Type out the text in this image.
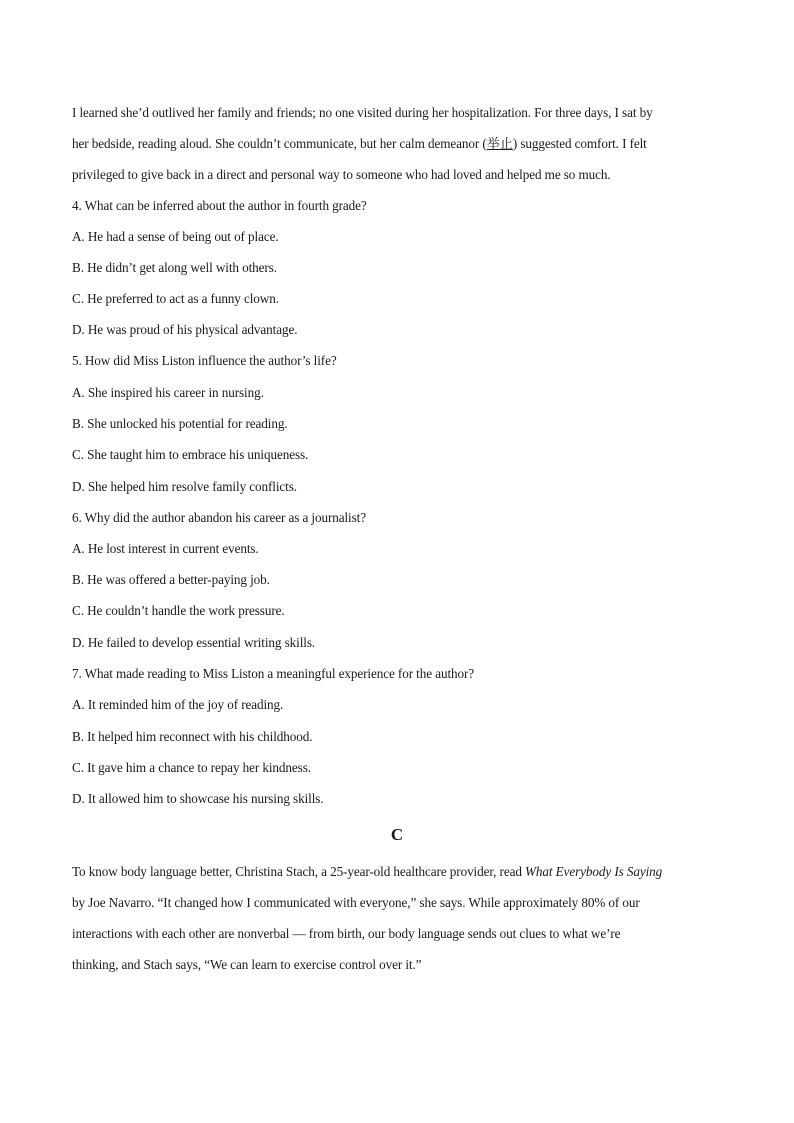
I learned she’d outlived her family and friends; no one visited during her hospitalization. For three days, I sat by
her bedside, reading aloud. She couldn’t communicate, but her calm demeanor (举止) suggested comfort. I felt
privileged to give back in a direct and personal way to someone who had loved and helped me so much.
4. What can be inferred about the author in fourth grade?
A. He had a sense of being out of place.
B. He didn’t get along well with others.
C. He preferred to act as a funny clown.
D. He was proud of his physical advantage.
5. How did Miss Liston influence the author’s life?
A. She inspired his career in nursing.
B. She unlocked his potential for reading.
C. She taught him to embrace his uniqueness.
D. She helped him resolve family conflicts.
6. Why did the author abandon his career as a journalist?
A. He lost interest in current events.
B. He was offered a better-paying job.
C. He couldn’t handle the work pressure.
D. He failed to develop essential writing skills.
7. What made reading to Miss Liston a meaningful experience for the author?
A. It reminded him of the joy of reading.
B. It helped him reconnect with his childhood.
C. It gave him a chance to repay her kindness.
D. It allowed him to showcase his nursing skills.
C
To know body language better, Christina Stach, a 25-year-old healthcare provider, read What Everybody Is Saying
by Joe Navarro. “It changed how I communicated with everyone,” she says. While approximately 80% of our
interactions with each other are nonverbal — from birth, our body language sends out clues to what we’re
thinking, and Stach says, “We can learn to exercise control over it.”
